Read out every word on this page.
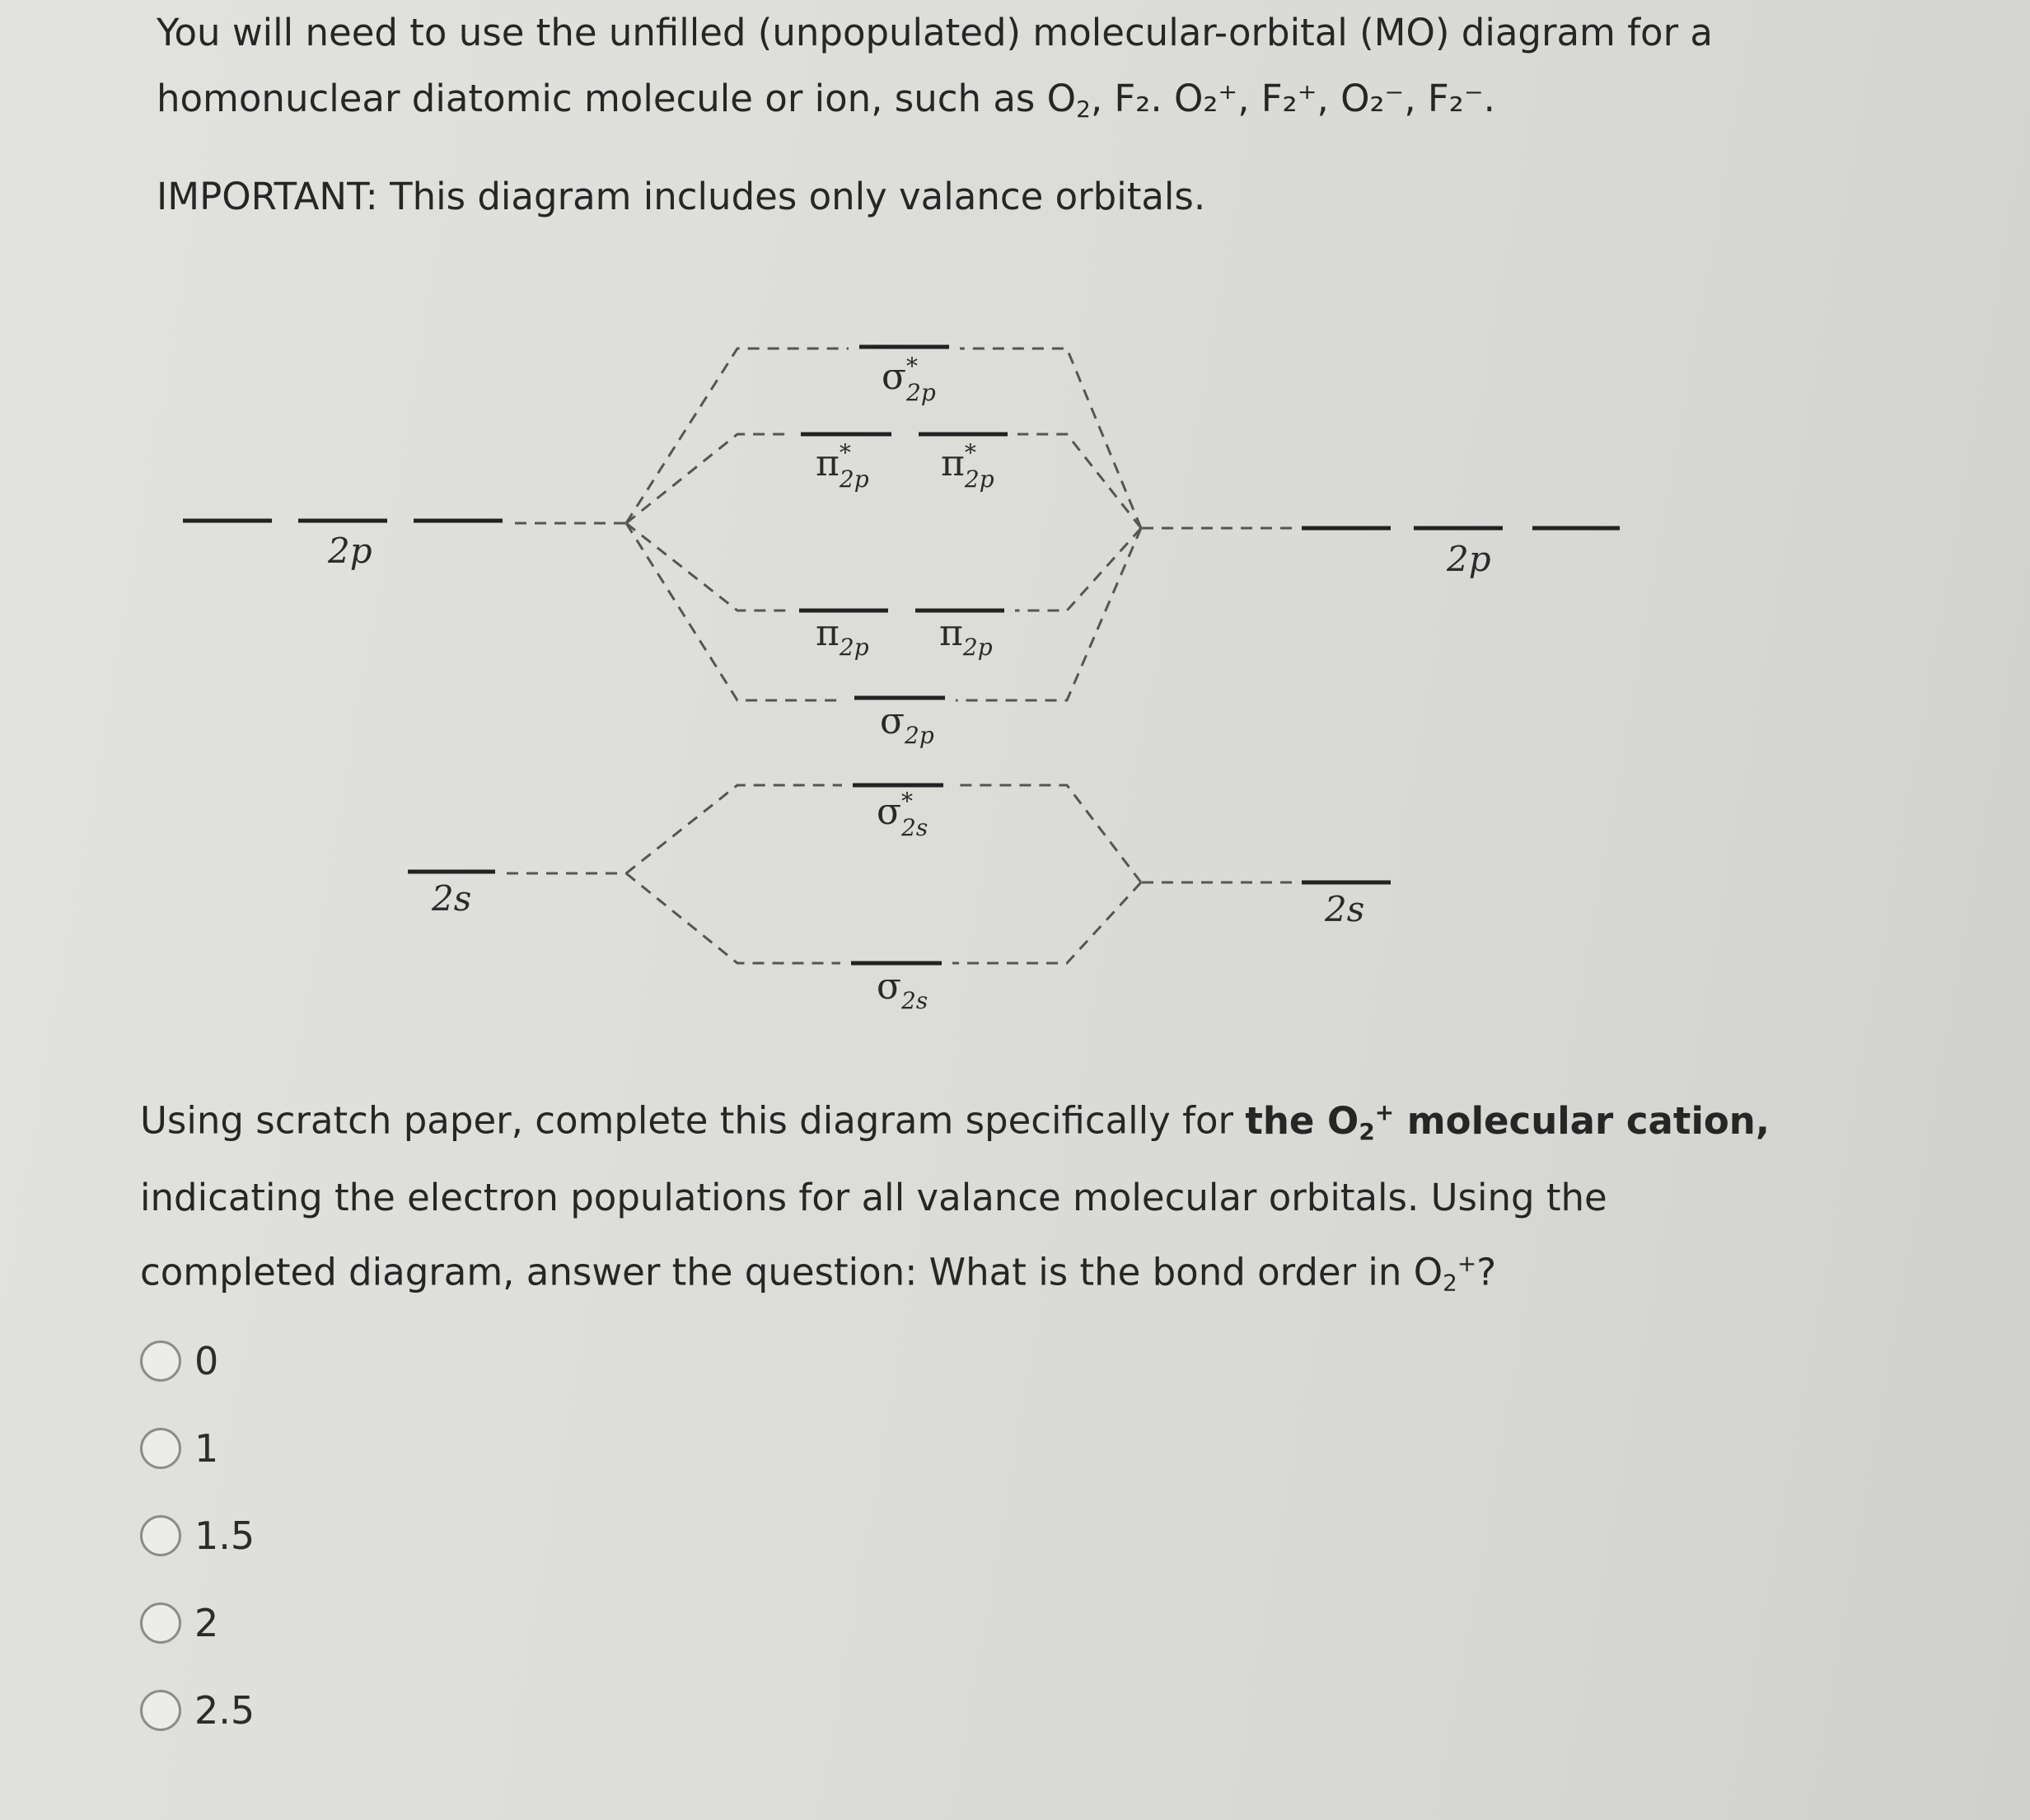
You will need to use the unfilled (unpopulated) molecular-orbital (MO) diagram for a

homonuclear diatomic molecule or ion, such as $O_2$, F₂. O₂⁺, F₂⁺, O₂⁻, F₂⁻.

IMPORTANT: This diagram includes only valance orbitals.
2p	2p
2s	2s
σ* 2p
π* 2p π* 2p
$\pi_{2p}$ $\pi_{2p}$
$\sigma_{2p}$
σ* 2s
$\sigma_{2s}$

Using scratch paper, complete this diagram specifically for the $O_2^+$ molecular cation,

indicating the electron populations for all valance molecular orbitals. Using the

completed diagram, answer the question: What is the bond order in $O_2^+$?

0
1
1.5
2
2.5
